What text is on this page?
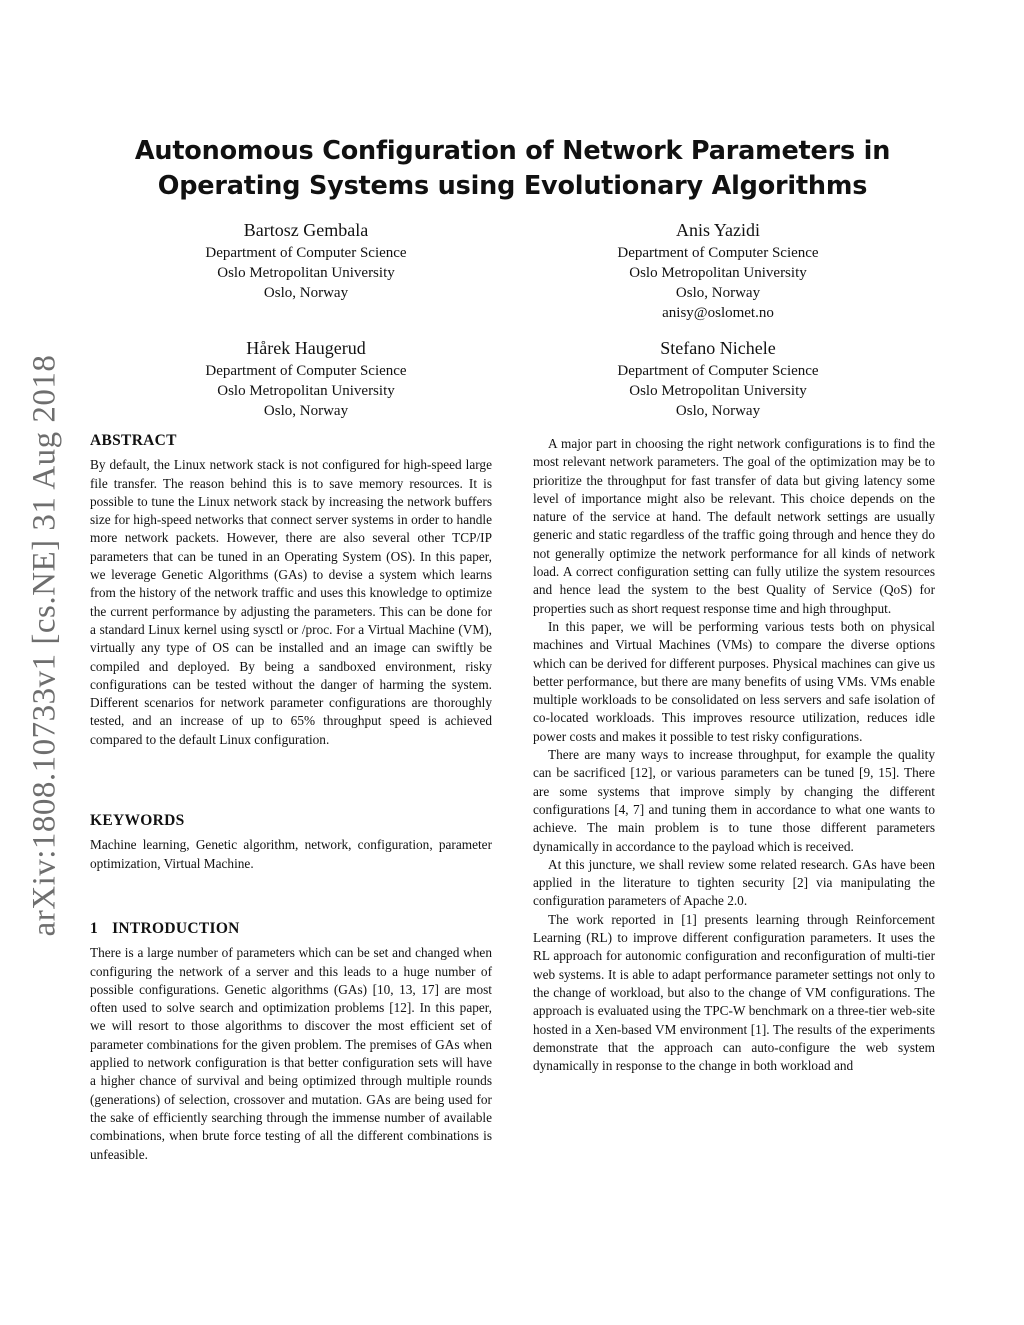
arXiv:1808.10733v1 [cs.NE] 31 Aug 2018
Autonomous Configuration of Network Parameters in
Operating Systems using Evolutionary Algorithms
Bartosz Gembala
Department of Computer Science
Oslo Metropolitan University
Oslo, Norway
Anis Yazidi
Department of Computer Science
Oslo Metropolitan University
Oslo, Norway
anisy@oslomet.no
Hårek Haugerud
Department of Computer Science
Oslo Metropolitan University
Oslo, Norway
Stefano Nichele
Department of Computer Science
Oslo Metropolitan University
Oslo, Norway
ABSTRACT

By default, the Linux network stack is not configured for high-speed large file transfer. The reason behind this is to save memory resources. It is possible to tune the Linux network stack by increasing the network buffers size for high-speed networks that connect server systems in order to handle more network packets. However, there are also several other TCP/IP parameters that can be tuned in an Operating System (OS). In this paper, we leverage Genetic Algorithms (GAs) to devise a system which learns from the history of the network traffic and uses this knowledge to optimize the current performance by adjusting the parameters. This can be done for a standard Linux kernel using sysctl or /proc. For a Virtual Machine (VM), virtually any type of OS can be installed and an image can swiftly be compiled and deployed. By being a sandboxed environment, risky configurations can be tested without the danger of harming the system. Different scenarios for network parameter configurations are thoroughly tested, and an increase of up to 65% throughput speed is achieved compared to the default Linux configuration.

KEYWORDS

Machine learning, Genetic algorithm, network, configuration, parameter optimization, Virtual Machine.

1 INTRODUCTION

There is a large number of parameters which can be set and changed when configuring the network of a server and this leads to a huge number of possible configurations. Genetic algorithms (GAs) [10, 13, 17] are most often used to solve search and optimization problems [12]. In this paper, we will resort to those algorithms to discover the most efficient set of parameter combinations for the given problem. The premises of GAs when applied to network configuration is that better configuration sets will have a higher chance of survival and being optimized through multiple rounds (generations) of selection, crossover and mutation. GAs are being used for the sake of efficiently searching through the immense number of available combinations, when brute force testing of all the different combinations is unfeasible.

A major part in choosing the right network configurations is to find the most relevant network parameters. The goal of the optimization may be to prioritize the throughput for fast transfer of data but giving latency some level of importance might also be relevant. This choice depends on the nature of the service at hand. The default network settings are usually generic and static regardless of the traffic going through and hence they do not generally optimize the network performance for all kinds of network load. A correct configuration setting can fully utilize the system resources and hence lead the system to the best Quality of Service (QoS) for properties such as short request response time and high throughput.

In this paper, we will be performing various tests both on physical machines and Virtual Machines (VMs) to compare the diverse options which can be derived for different purposes. Physical machines can give us better performance, but there are many benefits of using VMs. VMs enable multiple workloads to be consolidated on less servers and safe isolation of co-located workloads. This improves resource utilization, reduces idle power costs and makes it possible to test risky configurations.

There are many ways to increase throughput, for example the quality can be sacrificed [12], or various parameters can be tuned [9, 15]. There are some systems that improve simply by changing the different configurations [4, 7] and tuning them in accordance to what one wants to achieve. The main problem is to tune those different parameters dynamically in accordance to the payload which is received.

At this juncture, we shall review some related research. GAs have been applied in the literature to tighten security [2] via manipulating the configuration parameters of Apache 2.0.

The work reported in [1] presents learning through Reinforcement Learning (RL) to improve different configuration parameters. It uses the RL approach for autonomic configuration and reconfiguration of multi-tier web systems. It is able to adapt performance parameter settings not only to the change of workload, but also to the change of VM configurations. The approach is evaluated using the TPC-W benchmark on a three-tier web-site hosted in a Xen-based VM environment [1]. The results of the experiments demonstrate that the approach can auto-configure the web system dynamically in response to the change in both workload and
